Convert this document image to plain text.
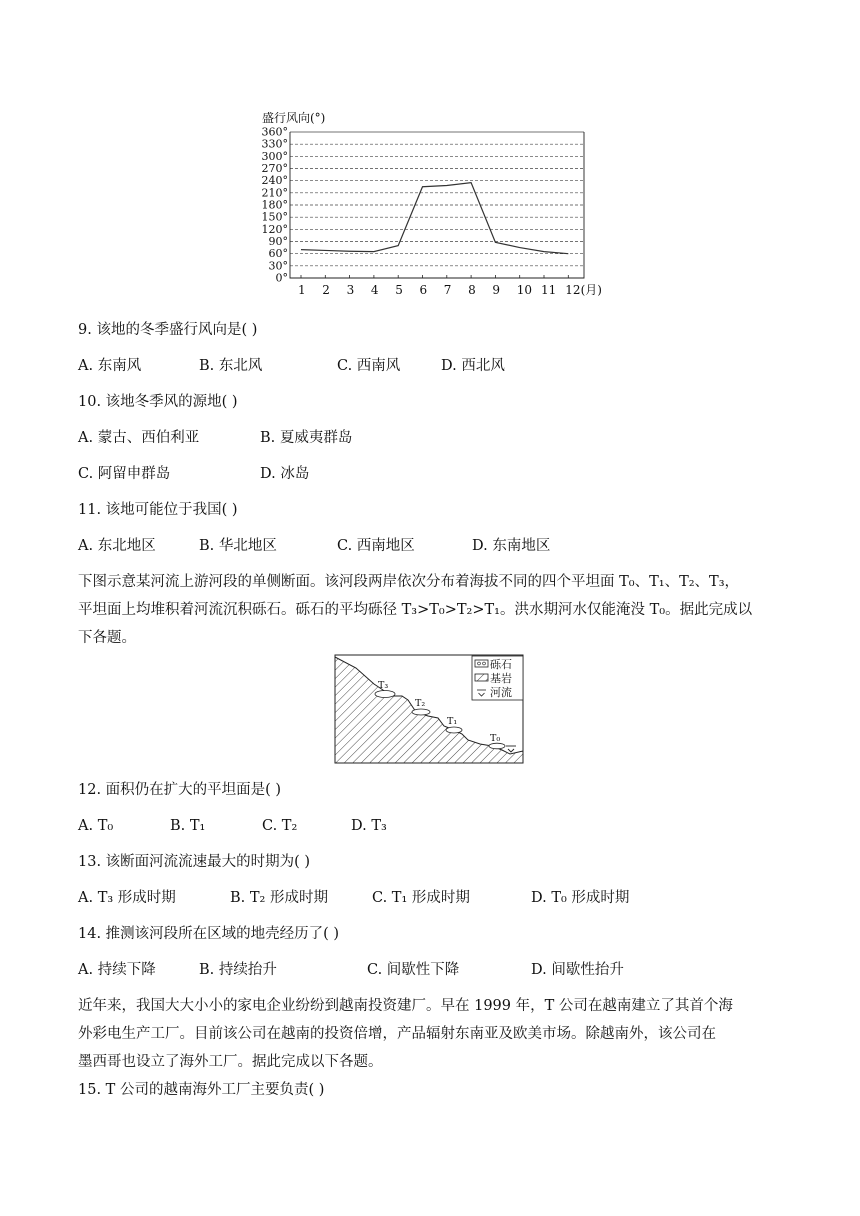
盛行风向(°)
360°
330°
300°
270°
240°
210°
180°
150°
120°
90°
60°
30°
0°
1 2 3 4 5 6 7 8 9 10 11 12(月)
9. 该地的冬季盛行风向是( )
A. 东南风	B. 东北风	C. 西南风	D. 西北风
10. 该地冬季风的源地( )
A. 蒙古、西伯利亚	B. 夏威夷群岛
C. 阿留申群岛	D. 冰岛
11. 该地可能位于我国( )
A. 东北地区	B. 华北地区	C. 西南地区	D. 东南地区
下图示意某河流上游河段的单侧断面。该河段两岸依次分布着海拔不同的四个平坦面 T₀、T₁、T₂、T₃，
平坦面上均堆积着河流沉积砾石。砾石的平均砾径 T₃>T₀>T₂>T₁。洪水期河水仅能淹没 T₀。据此完成以
下各题。
T₃
T₂
T₁
T₀
砾石
基岩
河流
12. 面积仍在扩大的平坦面是( )
A. T₀	B. T₁	C. T₂	D. T₃
13. 该断面河流流速最大的时期为( )
A. T₃ 形成时期	B. T₂ 形成时期	C. T₁ 形成时期	D. T₀ 形成时期
14. 推测该河段所在区域的地壳经历了( )
A. 持续下降	B. 持续抬升	C. 间歇性下降	D. 间歇性抬升
近年来，我国大大小小的家电企业纷纷到越南投资建厂。早在 1999 年，T 公司在越南建立了其首个海
外彩电生产工厂。目前该公司在越南的投资倍增，产品辐射东南亚及欧美市场。除越南外，该公司在
墨西哥也设立了海外工厂。据此完成以下各题。
15. T 公司的越南海外工厂主要负责( )
